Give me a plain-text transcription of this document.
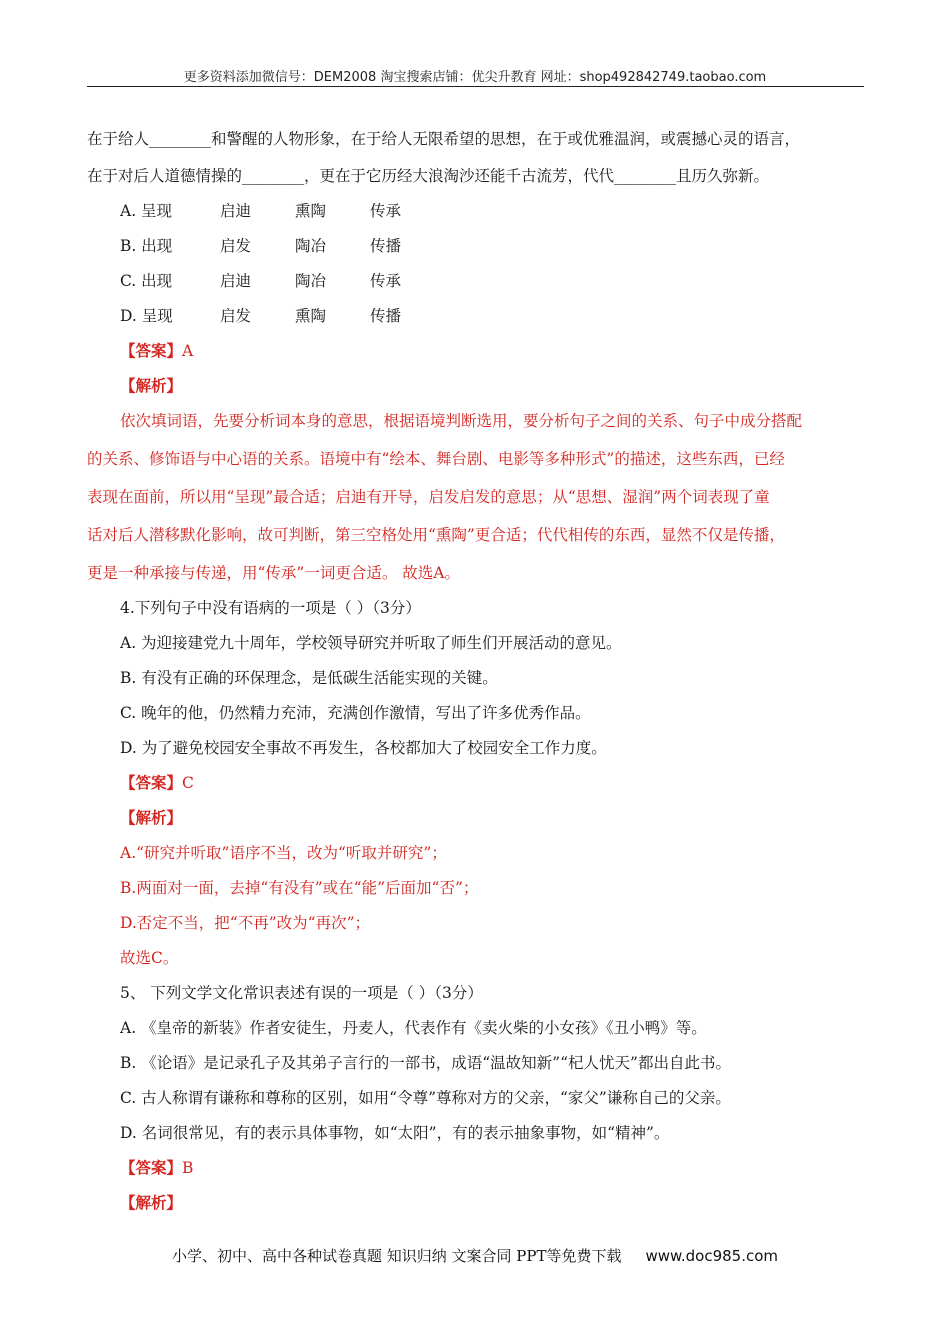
更多资料添加微信号：DEM2008 淘宝搜索店铺：优尖升教育 网址：shop492842749.taobao.com
在于给人________和警醒的人物形象，在于给人无限希望的思想，在于或优雅温润，或震撼心灵的语言，
在于对后人道德情操的________，更在于它历经大浪淘沙还能千古流芳，代代________且历久弥新。
A. 呈现	启迪	熏陶	传承
B. 出现	启发	陶冶	传播
C. 出现	启迪	陶冶	传承
D. 呈现	启发	熏陶	传播
【答案】A
【解析】
依次填词语，先要分析词本身的意思，根据语境判断选用，要分析句子之间的关系、句子中成分搭配
的关系、修饰语与中心语的关系。语境中有“绘本、舞台剧、电影等多种形式”的描述，这些东西，已经
表现在面前，所以用“呈现”最合适；启迪有开导，启发启发的意思；从“思想、湿润”两个词表现了童
话对后人潜移默化影响，故可判断，第三空格处用“熏陶”更合适；代代相传的东西，显然不仅是传播，
更是一种承接与传递，用“传承”一词更合适。 故选A。
4.下列句子中没有语病的一项是（ ）（3分）
A. 为迎接建党九十周年，学校领导研究并听取了师生们开展活动的意见。
B. 有没有正确的环保理念，是低碳生活能实现的关键。
C. 晚年的他，仍然精力充沛，充满创作激情，写出了许多优秀作品。
D. 为了避免校园安全事故不再发生，各校都加大了校园安全工作力度。
【答案】C
【解析】
A.“研究并听取”语序不当，改为“听取并研究”；
B.两面对一面，去掉“有没有”或在“能”后面加“否”；
D.否定不当，把“不再”改为“再次”；
故选C。
5、 下列文学文化常识表述有误的一项是（ ）（3分）
A. 《皇帝的新装》作者安徒生，丹麦人，代表作有《卖火柴的小女孩》《丑小鸭》等。
B. 《论语》是记录孔子及其弟子言行的一部书，成语“温故知新”“杞人忧天”都出自此书。
C. 古人称谓有谦称和尊称的区别，如用“令尊”尊称对方的父亲，“家父”谦称自己的父亲。
D. 名词很常见，有的表示具体事物，如“太阳”，有的表示抽象事物，如“精神”。
【答案】B
【解析】
小学、初中、高中各种试卷真题 知识归纳 文案合同 PPT等免费下载 www.doc985.com
